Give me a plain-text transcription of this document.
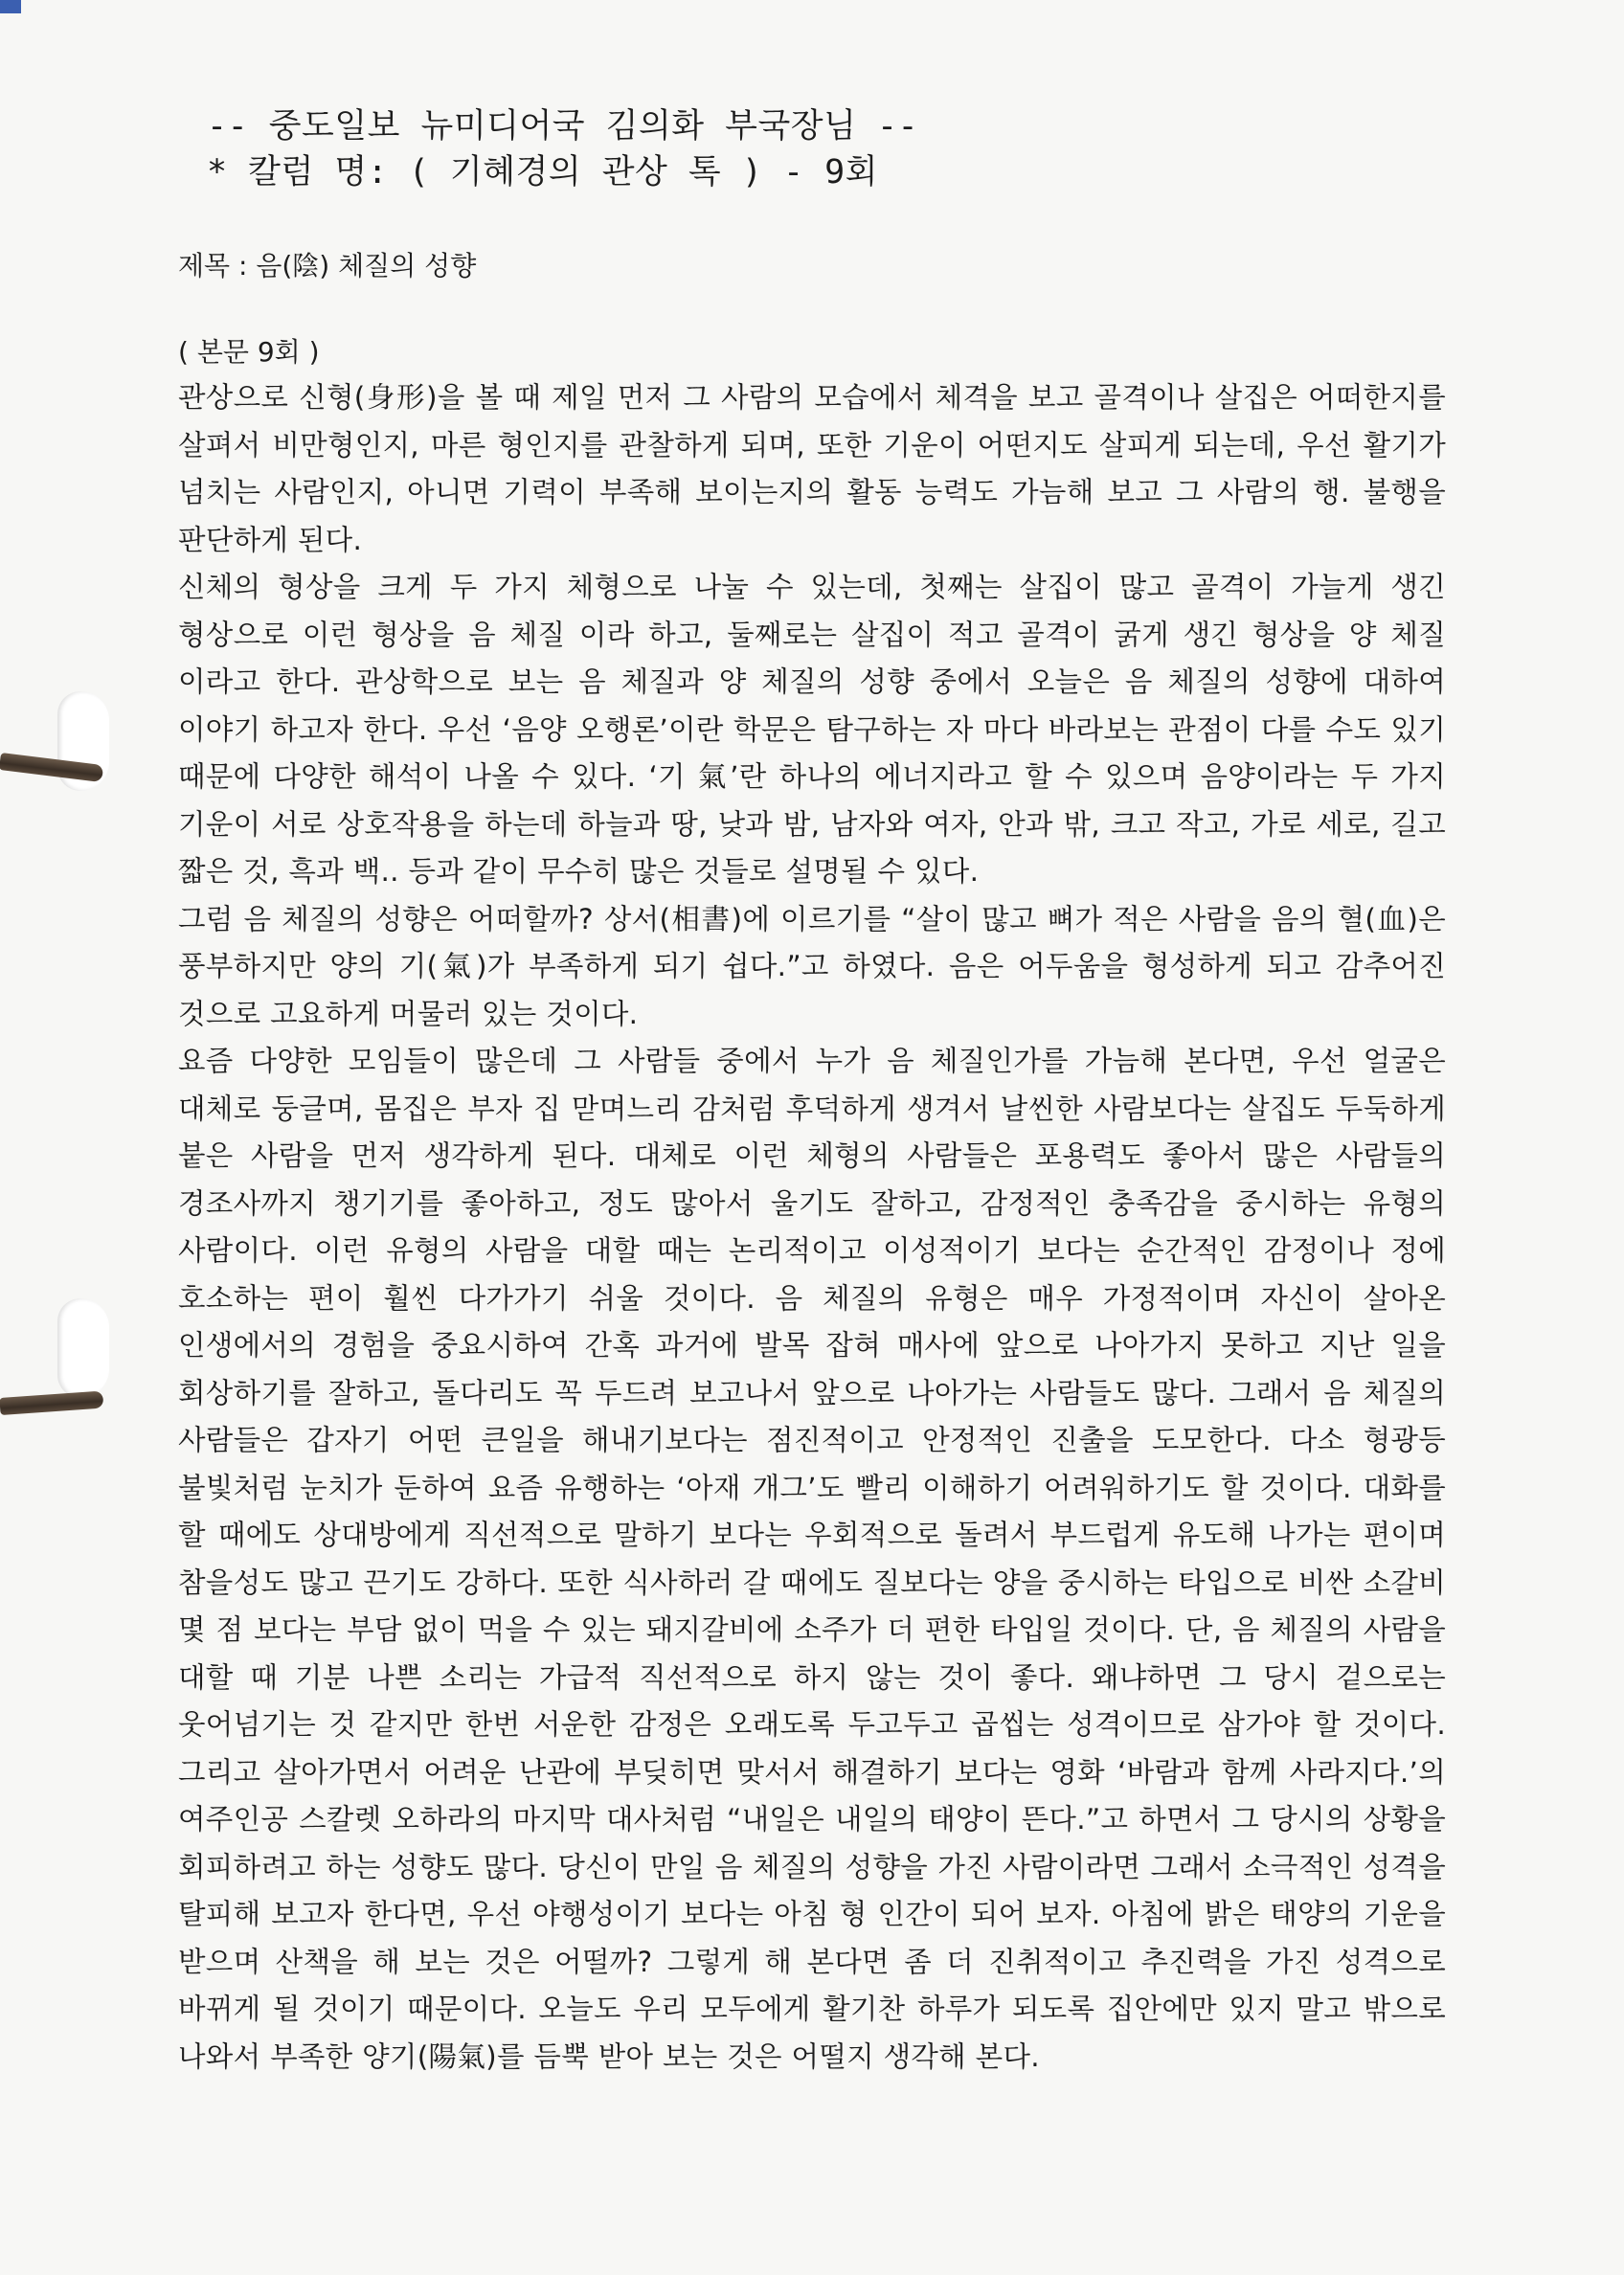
-- 중도일보 뉴미디어국 김의화 부국장님 --
* 칼럼 명: ( 기혜경의 관상 톡 ) - 9회
제목 : 음(陰) 체질의 성향
( 본문 9회 )

관상으로 신형(身形)을 볼 때 제일 먼저 그 사람의 모습에서 체격을 보고 골격이나 살집은 어떠한지를 살펴서 비만형인지, 마른 형인지를 관찰하게 되며, 또한 기운이 어떤지도 살피게 되는데, 우선 활기가 넘치는 사람인지, 아니면 기력이 부족해 보이는지의 활동 능력도 가늠해 보고 그 사람의 행. 불행을 판단하게 된다.

신체의 형상을 크게 두 가지 체형으로 나눌 수 있는데, 첫째는 살집이 많고 골격이 가늘게 생긴 형상으로 이런 형상을 음 체질 이라 하고, 둘째로는 살집이 적고 골격이 굵게 생긴 형상을 양 체질 이라고 한다. 관상학으로 보는 음 체질과 양 체질의 성향 중에서 오늘은 음 체질의 성향에 대하여 이야기 하고자 한다. 우선 ‘음양 오행론’이란 학문은 탐구하는 자 마다 바라보는 관점이 다를 수도 있기 때문에 다양한 해석이 나올 수 있다. ‘기 氣’란 하나의 에너지라고 할 수 있으며 음양이라는 두 가지 기운이 서로 상호작용을 하는데 하늘과 땅, 낮과 밤, 남자와 여자, 안과 밖, 크고 작고, 가로 세로, 길고 짧은 것, 흑과 백.. 등과 같이 무수히 많은 것들로 설명될 수 있다.

그럼 음 체질의 성향은 어떠할까? 상서(相書)에 이르기를 “살이 많고 뼈가 적은 사람을 음의 혈(血)은 풍부하지만 양의 기(氣)가 부족하게 되기 쉽다.”고 하였다. 음은 어두움을 형성하게 되고 감추어진 것으로 고요하게 머물러 있는 것이다.

요즘 다양한 모임들이 많은데 그 사람들 중에서 누가 음 체질인가를 가늠해 본다면, 우선 얼굴은 대체로 둥글며, 몸집은 부자 집 맏며느리 감처럼 후덕하게 생겨서 날씬한 사람보다는 살집도 두둑하게 붙은 사람을 먼저 생각하게 된다. 대체로 이런 체형의 사람들은 포용력도 좋아서 많은 사람들의 경조사까지 챙기기를 좋아하고, 정도 많아서 울기도 잘하고, 감정적인 충족감을 중시하는 유형의 사람이다. 이런 유형의 사람을 대할 때는 논리적이고 이성적이기 보다는 순간적인 감정이나 정에 호소하는 편이 훨씬 다가가기 쉬울 것이다. 음 체질의 유형은 매우 가정적이며 자신이 살아온 인생에서의 경험을 중요시하여 간혹 과거에 발목 잡혀 매사에 앞으로 나아가지 못하고 지난 일을 회상하기를 잘하고, 돌다리도 꼭 두드려 보고나서 앞으로 나아가는 사람들도 많다. 그래서 음 체질의 사람들은 갑자기 어떤 큰일을 해내기보다는 점진적이고 안정적인 진출을 도모한다. 다소 형광등 불빛처럼 눈치가 둔하여 요즘 유행하는 ‘아재 개그’도 빨리 이해하기 어려워하기도 할 것이다. 대화를 할 때에도 상대방에게 직선적으로 말하기 보다는 우회적으로 돌려서 부드럽게 유도해 나가는 편이며 참을성도 많고 끈기도 강하다. 또한 식사하러 갈 때에도 질보다는 양을 중시하는 타입으로 비싼 소갈비 몇 점 보다는 부담 없이 먹을 수 있는 돼지갈비에 소주가 더 편한 타입일 것이다. 단, 음 체질의 사람을 대할 때 기분 나쁜 소리는 가급적 직선적으로 하지 않는 것이 좋다. 왜냐하면 그 당시 겉으로는 웃어넘기는 것 같지만 한번 서운한 감정은 오래도록 두고두고 곱씹는 성격이므로 삼가야 할 것이다. 그리고 살아가면서 어려운 난관에 부딪히면 맞서서 해결하기 보다는 영화 ‘바람과 함께 사라지다.’의 여주인공 스칼렛 오하라의 마지막 대사처럼 “내일은 내일의 태양이 뜬다.”고 하면서 그 당시의 상황을 회피하려고 하는 성향도 많다. 당신이 만일 음 체질의 성향을 가진 사람이라면 그래서 소극적인 성격을 탈피해 보고자 한다면, 우선 야행성이기 보다는 아침 형 인간이 되어 보자. 아침에 밝은 태양의 기운을 받으며 산책을 해 보는 것은 어떨까? 그렇게 해 본다면 좀 더 진취적이고 추진력을 가진 성격으로 바뀌게 될 것이기 때문이다. 오늘도 우리 모두에게 활기찬 하루가 되도록 집안에만 있지 말고 밖으로 나와서 부족한 양기(陽氣)를 듬뿍 받아 보는 것은 어떨지 생각해 본다.
